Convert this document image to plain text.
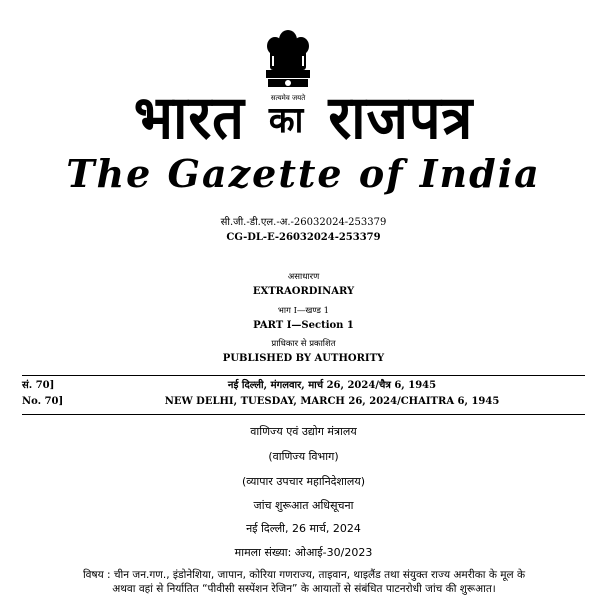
सत्यमेव जयते
भारत का राजपत्र
The Gazette of India
सी.जी.-डी.एल.-अ.-26032024-253379
CG-DL-E-26032024-253379
असाधारण
EXTRAORDINARY
भाग I—खण्ड 1
PART I—Section 1
प्राधिकार से प्रकाशित
PUBLISHED BY AUTHORITY
सं. 70]	नई दिल्ली, मंगलवार, मार्च 26, 2024/चैत्र 6, 1945
No. 70]	NEW DELHI, TUESDAY, MARCH 26, 2024/CHAITRA 6, 1945
वाणिज्य एवं उद्योग मंत्रालय
(वाणिज्य विभाग)
(व्यापार उपचार महानिदेशालय)
जांच शुरूआत अधिसूचना
नई दिल्ली, 26 मार्च, 2024
मामला संख्या: ओआई-30/2023
विषय : चीन जन.गण., इंडोनेशिया, जापान, कोरिया गणराज्य, ताइवान, थाइलैंड तथा संयुक्त राज्य अमरीका के मूल के
अथवा वहां से निर्यातित “पीवीसी सस्पेंशन रेजिन” के आयातों से संबंधित पाटनरोधी जांच की शुरूआत।
